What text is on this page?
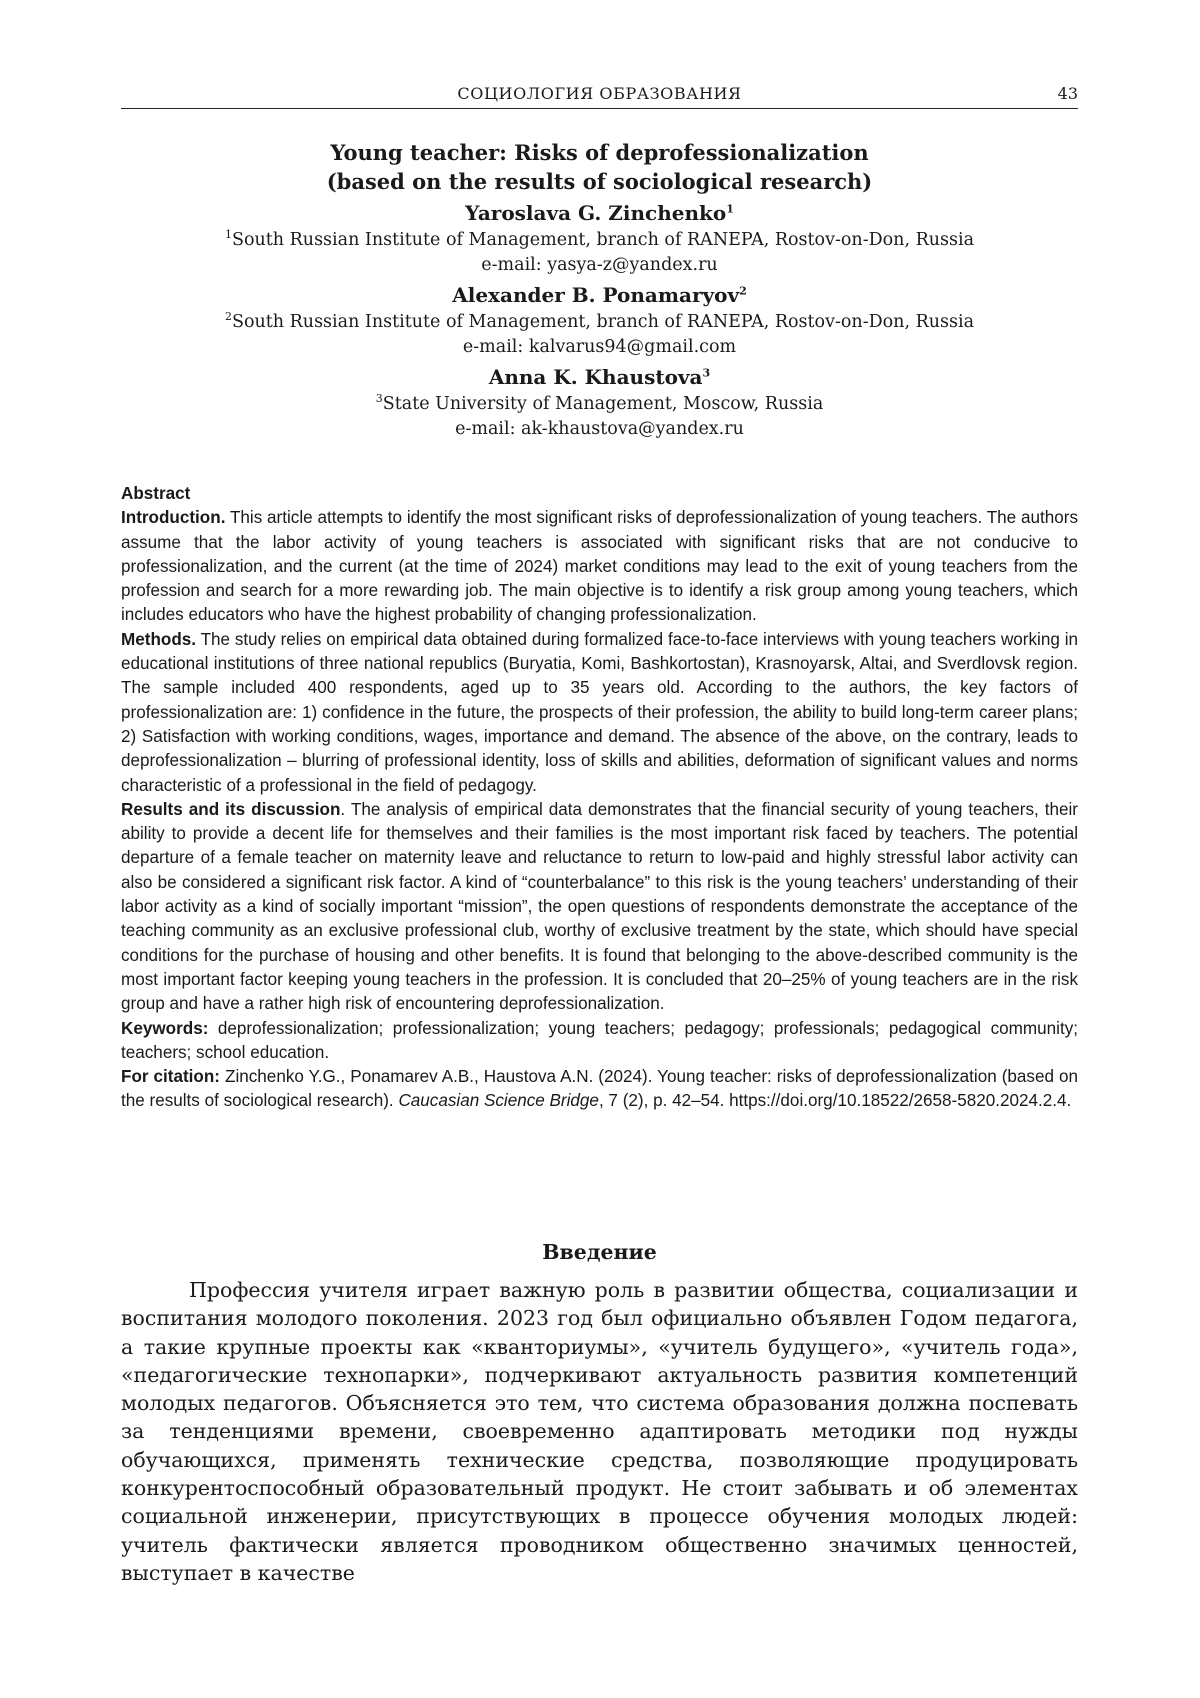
СОЦИОЛОГИЯ ОБРАЗОВАНИЯ	43

Young teacher: Risks of deprofessionalization

(based on the results of sociological research)

Yaroslava G. Zinchenko$^1$

$^1$South Russian Institute of Management, branch of RANEPA, Rostov-on-Don, Russia

e-mail: yasya-z@yandex.ru

Alexander B. Ponamaryov$^2$

$^2$South Russian Institute of Management, branch of RANEPA, Rostov-on-Don, Russia

e-mail: kalvarus94@gmail.com

Anna K. Khaustova$^3$

$^3$State University of Management, Moscow, Russia

e-mail: ak-khaustova@yandex.ru

Abstract

Introduction. This article attempts to identify the most significant risks of deprofessionalization of young teachers. The authors assume that the labor activity of young teachers is associated with significant risks that are not conducive to professionalization, and the current (at the time of 2024) market conditions may lead to the exit of young teachers from the profession and search for a more rewarding job. The main objective is to identify a risk group among young teachers, which includes educators who have the highest probability of changing professionalization.

Methods. The study relies on empirical data obtained during formalized face-to-face interviews with young teachers working in educational institutions of three national republics (Buryatia, Komi, Bashkortostan), Krasnoyarsk, Altai, and Sverdlovsk region. The sample included 400 respondents, aged up to 35 years old. According to the authors, the key factors of professionalization are: 1) confidence in the future, the prospects of their profession, the ability to build long-term career plans; 2) Satisfaction with working conditions, wages, importance and demand. The absence of the above, on the contrary, leads to deprofessionalization – blurring of professional identity, loss of skills and abilities, deformation of significant values and norms characteristic of a professional in the field of pedagogy.

Results and its discussion. The analysis of empirical data demonstrates that the financial security of young teachers, their ability to provide a decent life for themselves and their families is the most important risk faced by teachers. The potential departure of a female teacher on maternity leave and reluctance to return to low-paid and highly stressful labor activity can also be considered a significant risk factor. A kind of “counterbalance” to this risk is the young teachers’ understanding of their labor activity as a kind of socially important “mission”, the open questions of respondents demonstrate the acceptance of the teaching community as an exclusive professional club, worthy of exclusive treatment by the state, which should have special conditions for the purchase of housing and other benefits. It is found that belonging to the above-described community is the most important factor keeping young teachers in the profession. It is concluded that 20–25% of young teachers are in the risk group and have a rather high risk of encountering deprofessionalization.

Keywords: deprofessionalization; professionalization; young teachers; pedagogy; professionals; pedagogical community; teachers; school education.

For citation: Zinchenko Y.G., Ponamarev A.B., Haustova A.N. (2024). Young teacher: risks of deprofessionalization (based on the results of sociological research). Caucasian Science Bridge, 7 (2), p. 42–54. https://doi.org/10.18522/2658-5820.2024.2.4.

Введение

Профессия учителя играет важную роль в развитии общества, социализации и воспитания молодого поколения. 2023 год был официально объявлен Годом педагога, а такие крупные проекты как «кванториумы», «учитель будущего», «учитель года», «педагогические технопарки», подчеркивают актуальность развития компетенций молодых педагогов. Объясняется это тем, что система образования должна поспевать за тенденциями времени, своевременно адаптировать методики под нужды обучающихся, применять технические средства, позволяющие продуцировать конкурентоспособный образовательный продукт. Не стоит забывать и об элементах социальной инженерии, присутствующих в процессе обучения молодых людей: учитель фактически является проводником общественно значимых ценностей, выступает в качестве
